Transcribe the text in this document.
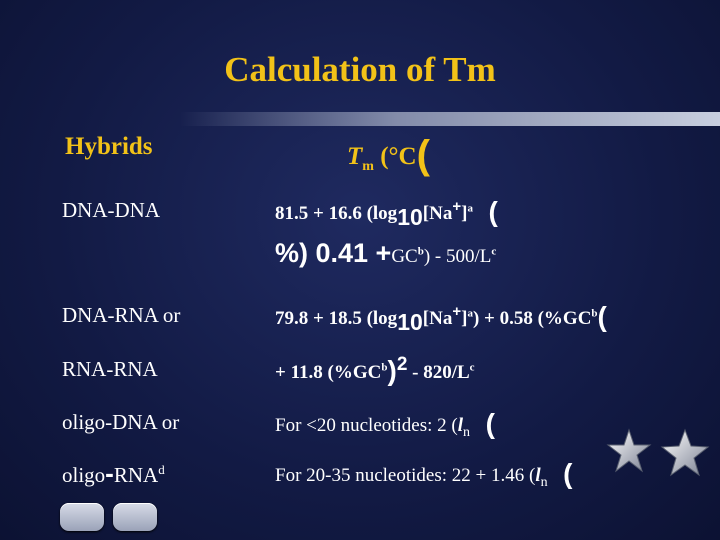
Calculation of Tm
Hybrids	$T_m$ (°C(
DNA-DNA	81.5 + 16.6 ($\log 10[Na^+]^a$  (
%) $0.41 +GC^b) - 500/L^c$
DNA-RNA or	79.8 + 18.5 $(\log 10[Na^+]^a) + 0.58$ ($\%GC^b$(
RNA-RNA	+ 11.8 $(\%GC^b)2 - 820/L^c$
oligo-DNA or	For <20 nucleotides: 2 ($l_n$  (
oligo-RNA$^d$	For 20-35 nucleotides: 22 + 1.46 ($l_n$  (
